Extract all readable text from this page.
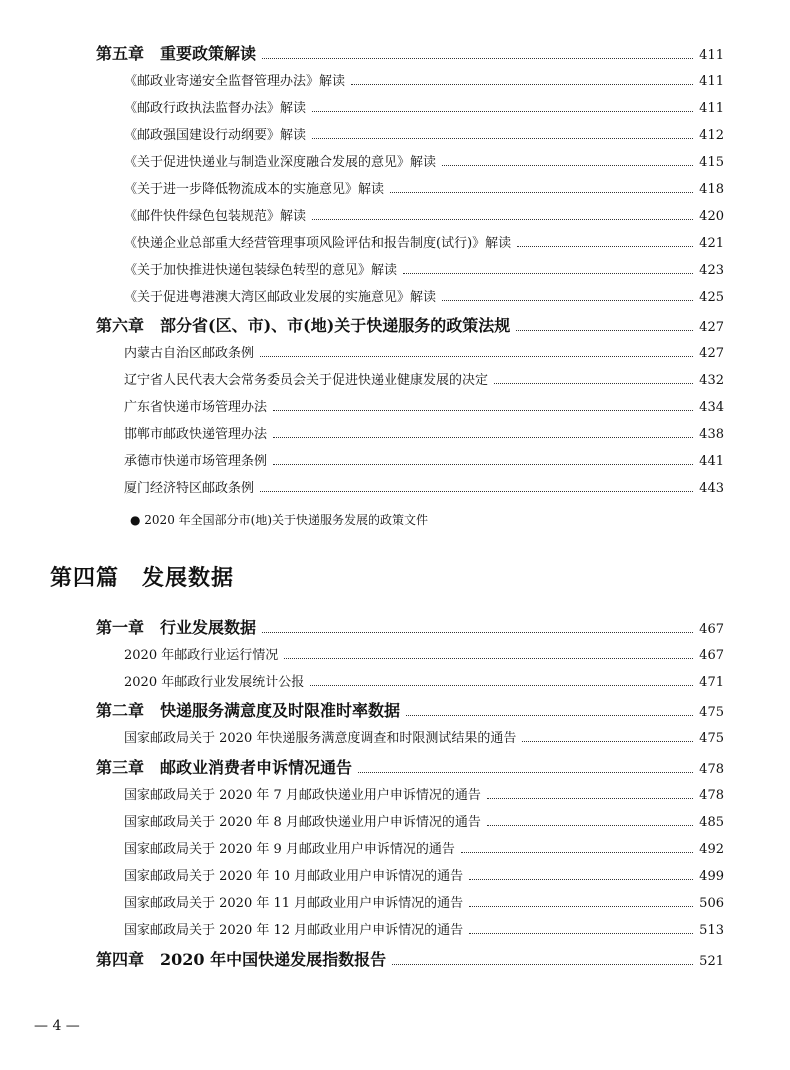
第五章　重要政策解读	411
《邮政业寄递安全监督管理办法》解读	411
《邮政行政执法监督办法》解读	411
《邮政强国建设行动纲要》解读	412
《关于促进快递业与制造业深度融合发展的意见》解读	415
《关于进一步降低物流成本的实施意见》解读	418
《邮件快件绿色包装规范》解读	420
《快递企业总部重大经营管理事项风险评估和报告制度(试行)》解读	421
《关于加快推进快递包装绿色转型的意见》解读	423
《关于促进粤港澳大湾区邮政业发展的实施意见》解读	425
第六章　部分省(区、市)、市(地)关于快递服务的政策法规	427
内蒙古自治区邮政条例	427
辽宁省人民代表大会常务委员会关于促进快递业健康发展的决定	432
广东省快递市场管理办法	434
邯郸市邮政快递管理办法	438
承德市快递市场管理条例	441
厦门经济特区邮政条例	443
● 2020 年全国部分市(地)关于快递服务发展的政策文件
第四篇　发展数据
第一章　行业发展数据	467
2020 年邮政行业运行情况	467
2020 年邮政行业发展统计公报	471
第二章　快递服务满意度及时限准时率数据	475
国家邮政局关于 2020 年快递服务满意度调查和时限测试结果的通告	475
第三章　邮政业消费者申诉情况通告	478
国家邮政局关于 2020 年 7 月邮政快递业用户申诉情况的通告	478
国家邮政局关于 2020 年 8 月邮政快递业用户申诉情况的通告	485
国家邮政局关于 2020 年 9 月邮政业用户申诉情况的通告	492
国家邮政局关于 2020 年 10 月邮政业用户申诉情况的通告	499
国家邮政局关于 2020 年 11 月邮政业用户申诉情况的通告	506
国家邮政局关于 2020 年 12 月邮政业用户申诉情况的通告	513
第四章　2020 年中国快递发展指数报告	521
— 4 —
